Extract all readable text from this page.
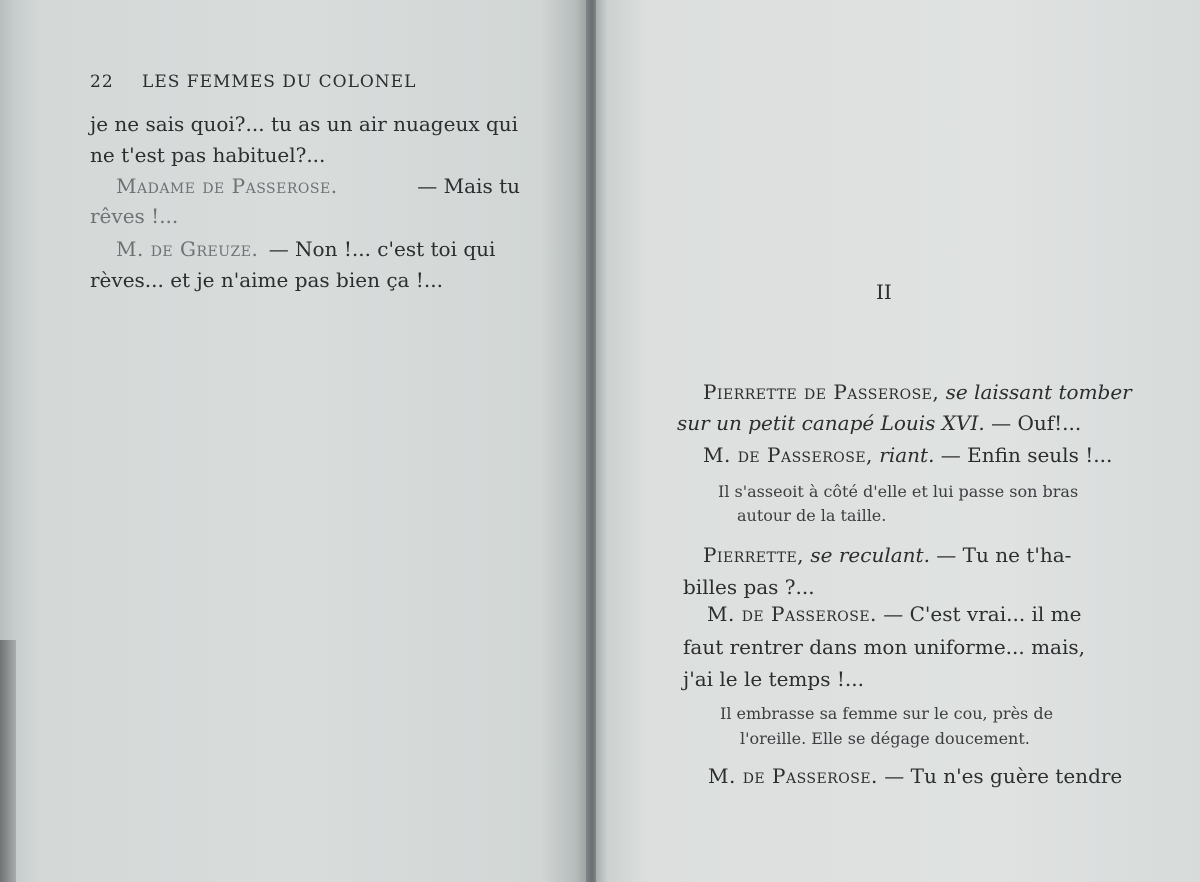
22 LES FEMMES DU COLONEL
je ne sais quoi?... tu as un air nuageux qui
ne t'est pas habituel?...
Madame de Passerose.	— Mais tu
rêves !...
M. de Greuze. — Non !... c'est toi qui
rèves... et je n'aime pas bien ça !...	II
Pierrette de Passerose, se laissant tomber
sur un petit canapé Louis XVI. — Ouf!...
M. de Passerose, riant. — Enfin seuls !...
Il s'asseoit à côté d'elle et lui passe son bras
autour de la taille.
Pierrette, se reculant. — Tu ne t'ha-
billes pas ?...
M. de Passerose. — C'est vrai... il me
faut rentrer dans mon uniforme... mais,
j'ai le le temps !...
Il embrasse sa femme sur le cou, près de
l'oreille. Elle se dégage doucement.
M. de Passerose. — Tu n'es guère tendre
